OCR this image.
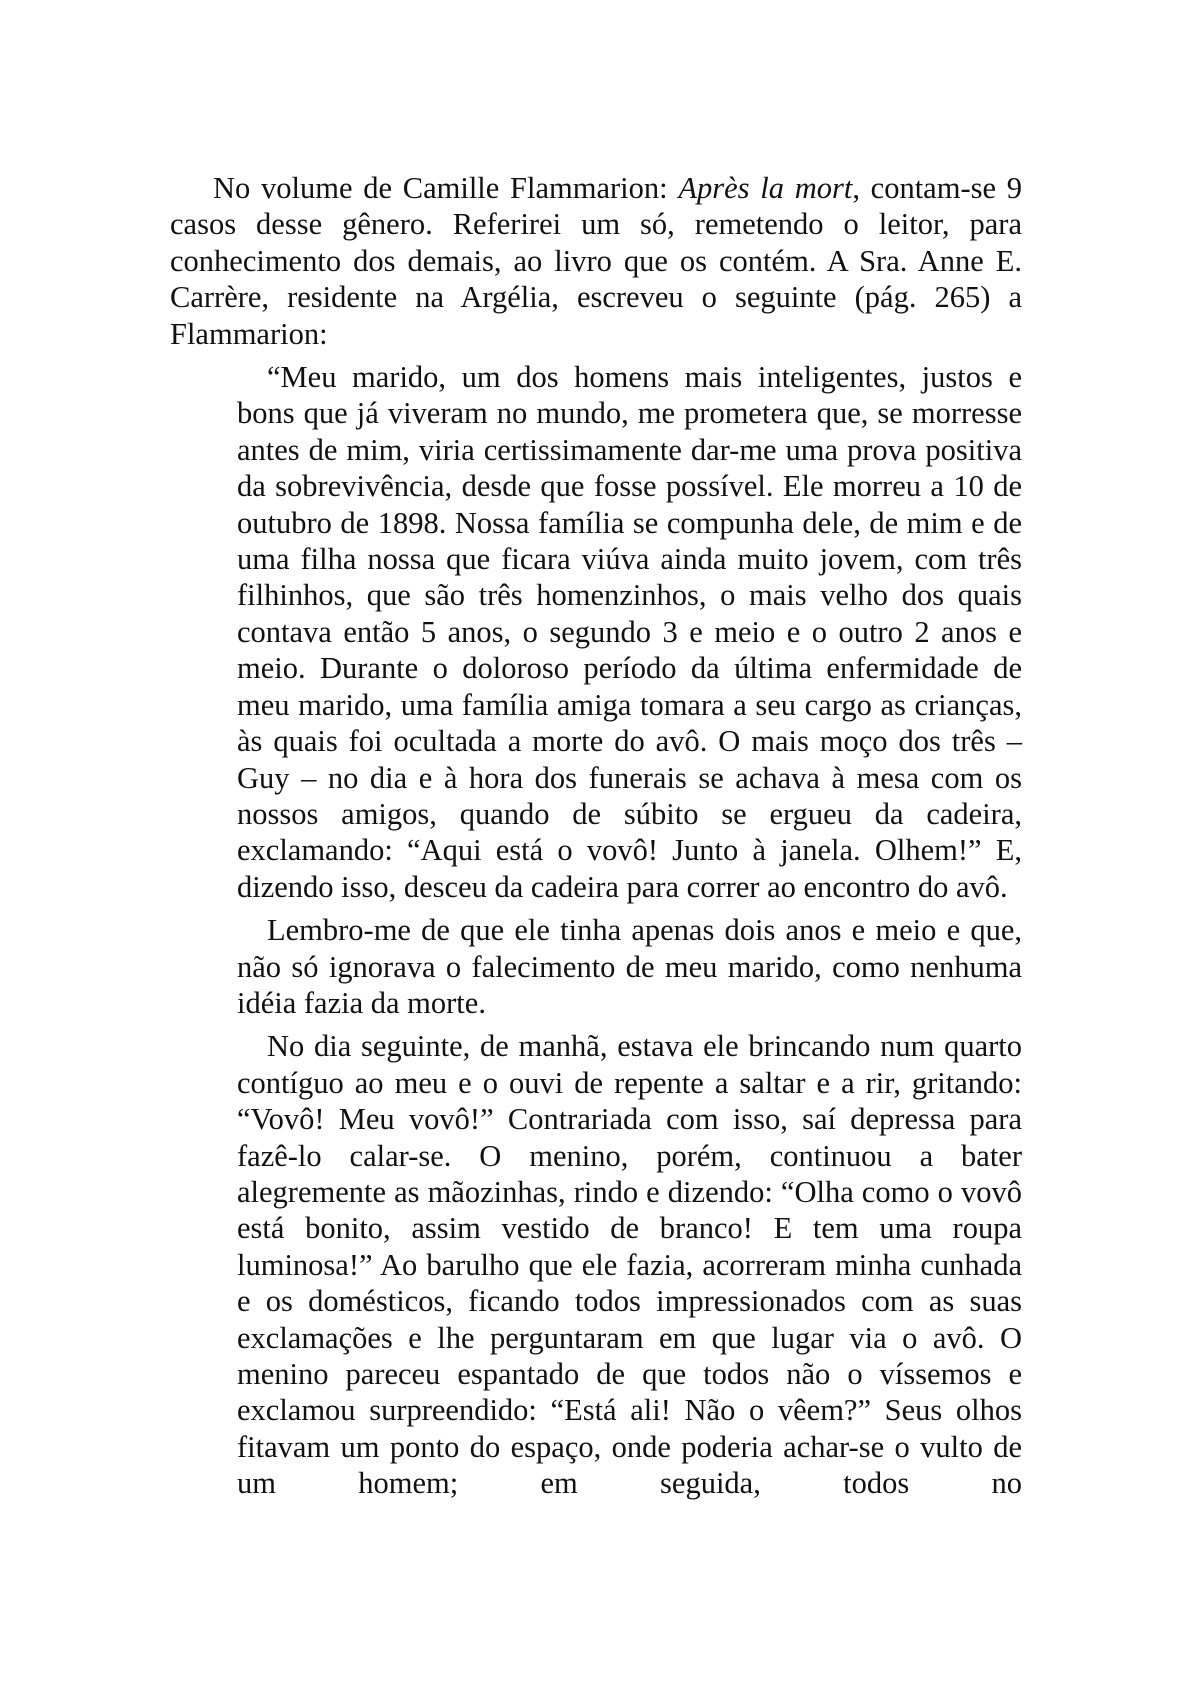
No volume de Camille Flammarion: Après la mort, contam-se 9 casos desse gênero. Referirei um só, remetendo o leitor, para conhecimento dos demais, ao livro que os contém. A Sra. Anne E. Carrère, residente na Argélia, escreveu o seguinte (pág. 265) a Flammarion:

“Meu marido, um dos homens mais inteligentes, justos e bons que já viveram no mundo, me prometera que, se morresse antes de mim, viria certissimamente dar-me uma prova positiva da sobrevivência, desde que fosse possível. Ele morreu a 10 de outubro de 1898. Nossa família se compunha dele, de mim e de uma filha nossa que ficara viúva ainda muito jovem, com três filhinhos, que são três homenzinhos, o mais velho dos quais contava então 5 anos, o segundo 3 e meio e o outro 2 anos e meio. Durante o doloroso período da última enfermidade de meu marido, uma família amiga tomara a seu cargo as crianças, às quais foi ocultada a morte do avô. O mais moço dos três – Guy – no dia e à hora dos funerais se achava à mesa com os nossos amigos, quando de súbito se ergueu da cadeira, exclamando: “Aqui está o vovô! Junto à janela. Olhem!” E, dizendo isso, desceu da cadeira para correr ao encontro do avô.

Lembro-me de que ele tinha apenas dois anos e meio e que, não só ignorava o falecimento de meu marido, como nenhuma idéia fazia da morte.

No dia seguinte, de manhã, estava ele brincando num quarto contíguo ao meu e o ouvi de repente a saltar e a rir, gritando: “Vovô! Meu vovô!” Contrariada com isso, saí depressa para fazê-lo calar-se. O menino, porém, continuou a bater alegremente as mãozinhas, rindo e dizendo: “Olha como o vovô está bonito, assim vestido de branco! E tem uma roupa luminosa!” Ao barulho que ele fazia, acorreram minha cunhada e os domésticos, ficando todos impressionados com as suas exclamações e lhe perguntaram em que lugar via o avô. O menino pareceu espantado de que todos não o víssemos e exclamou surpreendido: “Está ali! Não o vêem?” Seus olhos fitavam um ponto do espaço, onde poderia achar-se o vulto de um homem; em seguida, todos no
